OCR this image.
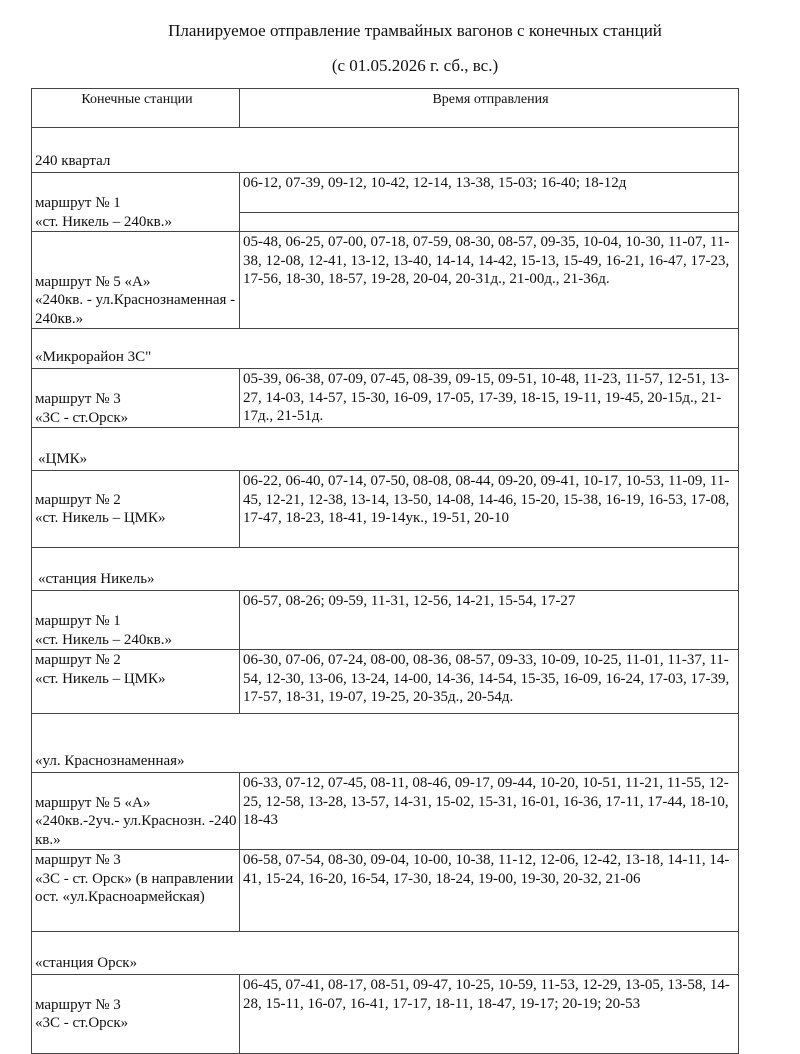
Планируемое отправление трамвайных вагонов с конечных станций
(с 01.05.2026 г. сб., вс.)
Конечные станции	Время отправления
240 квартал	

маршрут № 1
«ст. Никель – 240кв.»	06-12, 07-39, 09-12, 10-42, 12-14, 13-38, 15-03; 16-40; 18-12д

маршрут № 5 «А»
«240кв. - ул.Краснознаменная - 240кв.»	05-48, 06-25, 07-00, 07-18, 07-59, 08-30, 08-57, 09-35, 10-04, 10-30, 11-07, 11-38, 12-08, 12-41, 13-12, 13-40, 14-14, 14-42, 15-13, 15-49, 16-21, 16-47, 17-23, 17-56, 18-30, 18-57, 19-28, 20-04, 20-31д., 21-00д., 21-36д.
«Микрорайон 3С"	

маршрут № 3
«3С - ст.Орск»	05-39, 06-38, 07-09, 07-45, 08-39, 09-15, 09-51, 10-48, 11-23, 11-57, 12-51, 13-27, 14-03, 14-57, 15-30, 16-09, 17-05, 17-39, 18-15, 19-11, 19-45, 20-15д., 21-17д., 21-51д.
«ЦМК»	

маршрут № 2
«ст. Никель – ЦМК»	06-22, 06-40, 07-14, 07-50, 08-08, 08-44, 09-20, 09-41, 10-17, 10-53, 11-09, 11-45, 12-21, 12-38, 13-14, 13-50, 14-08, 14-46, 15-20, 15-38, 16-19, 16-53, 17-08, 17-47, 18-23, 18-41, 19-14ук., 19-51, 20-10
«станция Никель»	

маршрут № 1
«ст. Никель – 240кв.»	06-57, 08-26; 09-59, 11-31, 12-56, 14-21, 15-54, 17-27

маршрут № 2
«ст. Никель – ЦМК»	06-30, 07-06, 07-24, 08-00, 08-36, 08-57, 09-33, 10-09, 10-25, 11-01, 11-37, 11-54, 12-30, 13-06, 13-24, 14-00, 14-36, 14-54, 15-35, 16-09, 16-24, 17-03, 17-39, 17-57, 18-31, 19-07, 19-25, 20-35д., 20-54д.
«ул. Краснознаменная»	

маршрут № 5 «А»
«240кв.-2уч.- ул.Краснозн. -240 кв.»	06-33, 07-12, 07-45, 08-11, 08-46, 09-17, 09-44, 10-20, 10-51, 11-21, 11-55, 12-25, 12-58, 13-28, 13-57, 14-31, 15-02, 15-31, 16-01, 16-36, 17-11, 17-44, 18-10, 18-43

маршрут № 3
«3С - ст. Орск» (в направлении ост. «ул.Красноармейская)	06-58, 07-54, 08-30, 09-04, 10-00, 10-38, 11-12, 12-06, 12-42, 13-18, 14-11, 14-41, 15-24, 16-20, 16-54, 17-30, 18-24, 19-00, 19-30, 20-32, 21-06
«станция Орск»	

маршрут № 3
«3С - ст.Орск»	06-45, 07-41, 08-17, 08-51, 09-47, 10-25, 10-59, 11-53, 12-29, 13-05, 13-58, 14-28, 15-11, 16-07, 16-41, 17-17, 18-11, 18-47, 19-17; 20-19; 20-53
